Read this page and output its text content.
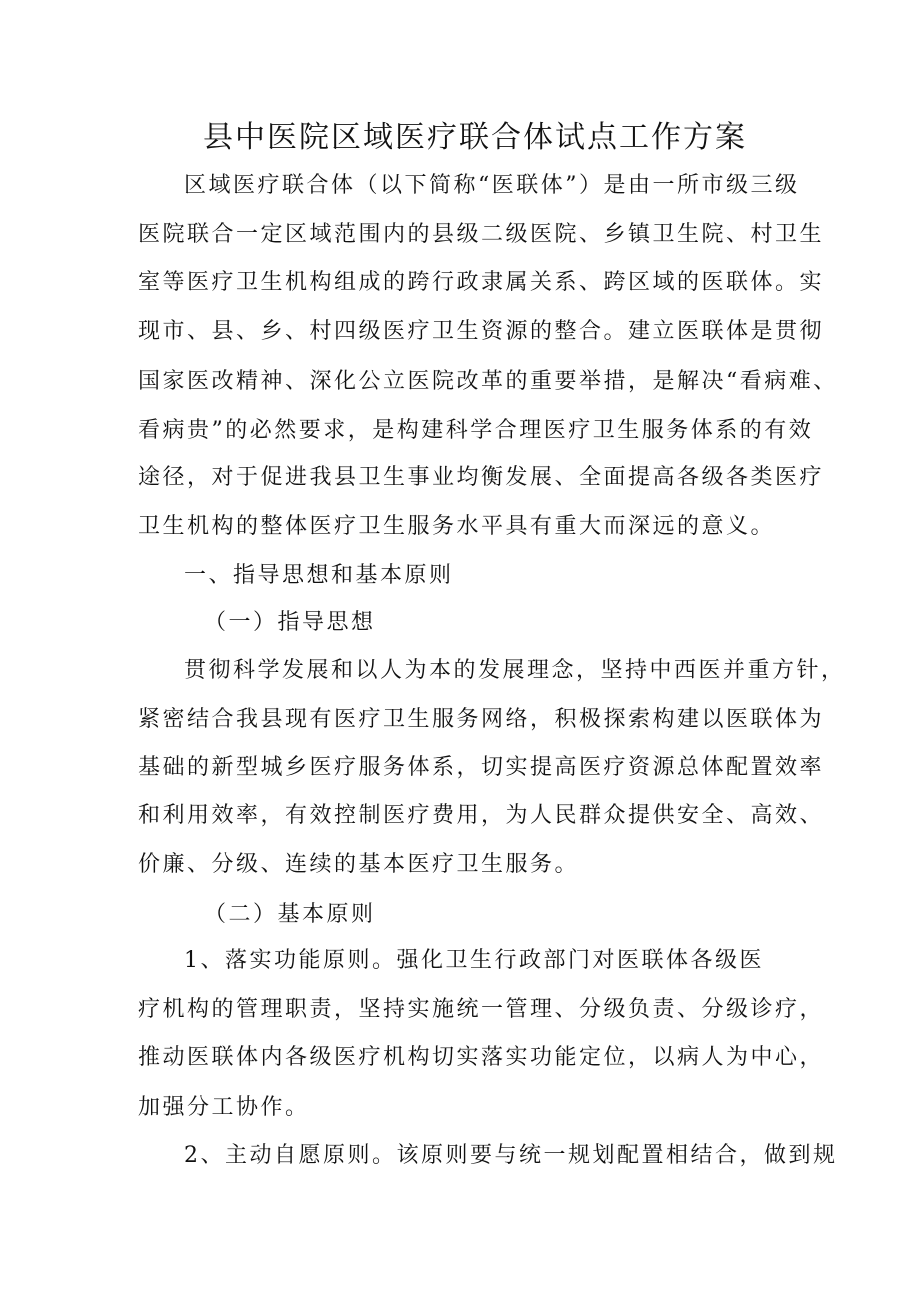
县中医院区域医疗联合体试点工作方案
区域医疗联合体（以下简称“医联体”）是由一所市级三级
医院联合一定区域范围内的县级二级医院、乡镇卫生院、村卫生
室等医疗卫生机构组成的跨行政隶属关系、跨区域的医联体。实
现市、县、乡、村四级医疗卫生资源的整合。建立医联体是贯彻
国家医改精神、深化公立医院改革的重要举措，是解决“看病难、
看病贵”的必然要求，是构建科学合理医疗卫生服务体系的有效
途径，对于促进我县卫生事业均衡发展、全面提高各级各类医疗
卫生机构的整体医疗卫生服务水平具有重大而深远的意义。
一、指导思想和基本原则
（一）指导思想
贯彻科学发展和以人为本的发展理念，坚持中西医并重方针，
紧密结合我县现有医疗卫生服务网络，积极探索构建以医联体为
基础的新型城乡医疗服务体系，切实提高医疗资源总体配置效率
和利用效率，有效控制医疗费用，为人民群众提供安全、高效、
价廉、分级、连续的基本医疗卫生服务。
（二）基本原则
1、落实功能原则。强化卫生行政部门对医联体各级医
疗机构的管理职责，坚持实施统一管理、分级负责、分级诊疗，
推动医联体内各级医疗机构切实落实功能定位，以病人为中心，
加强分工协作。
2、主动自愿原则。该原则要与统一规划配置相结合，做到规
